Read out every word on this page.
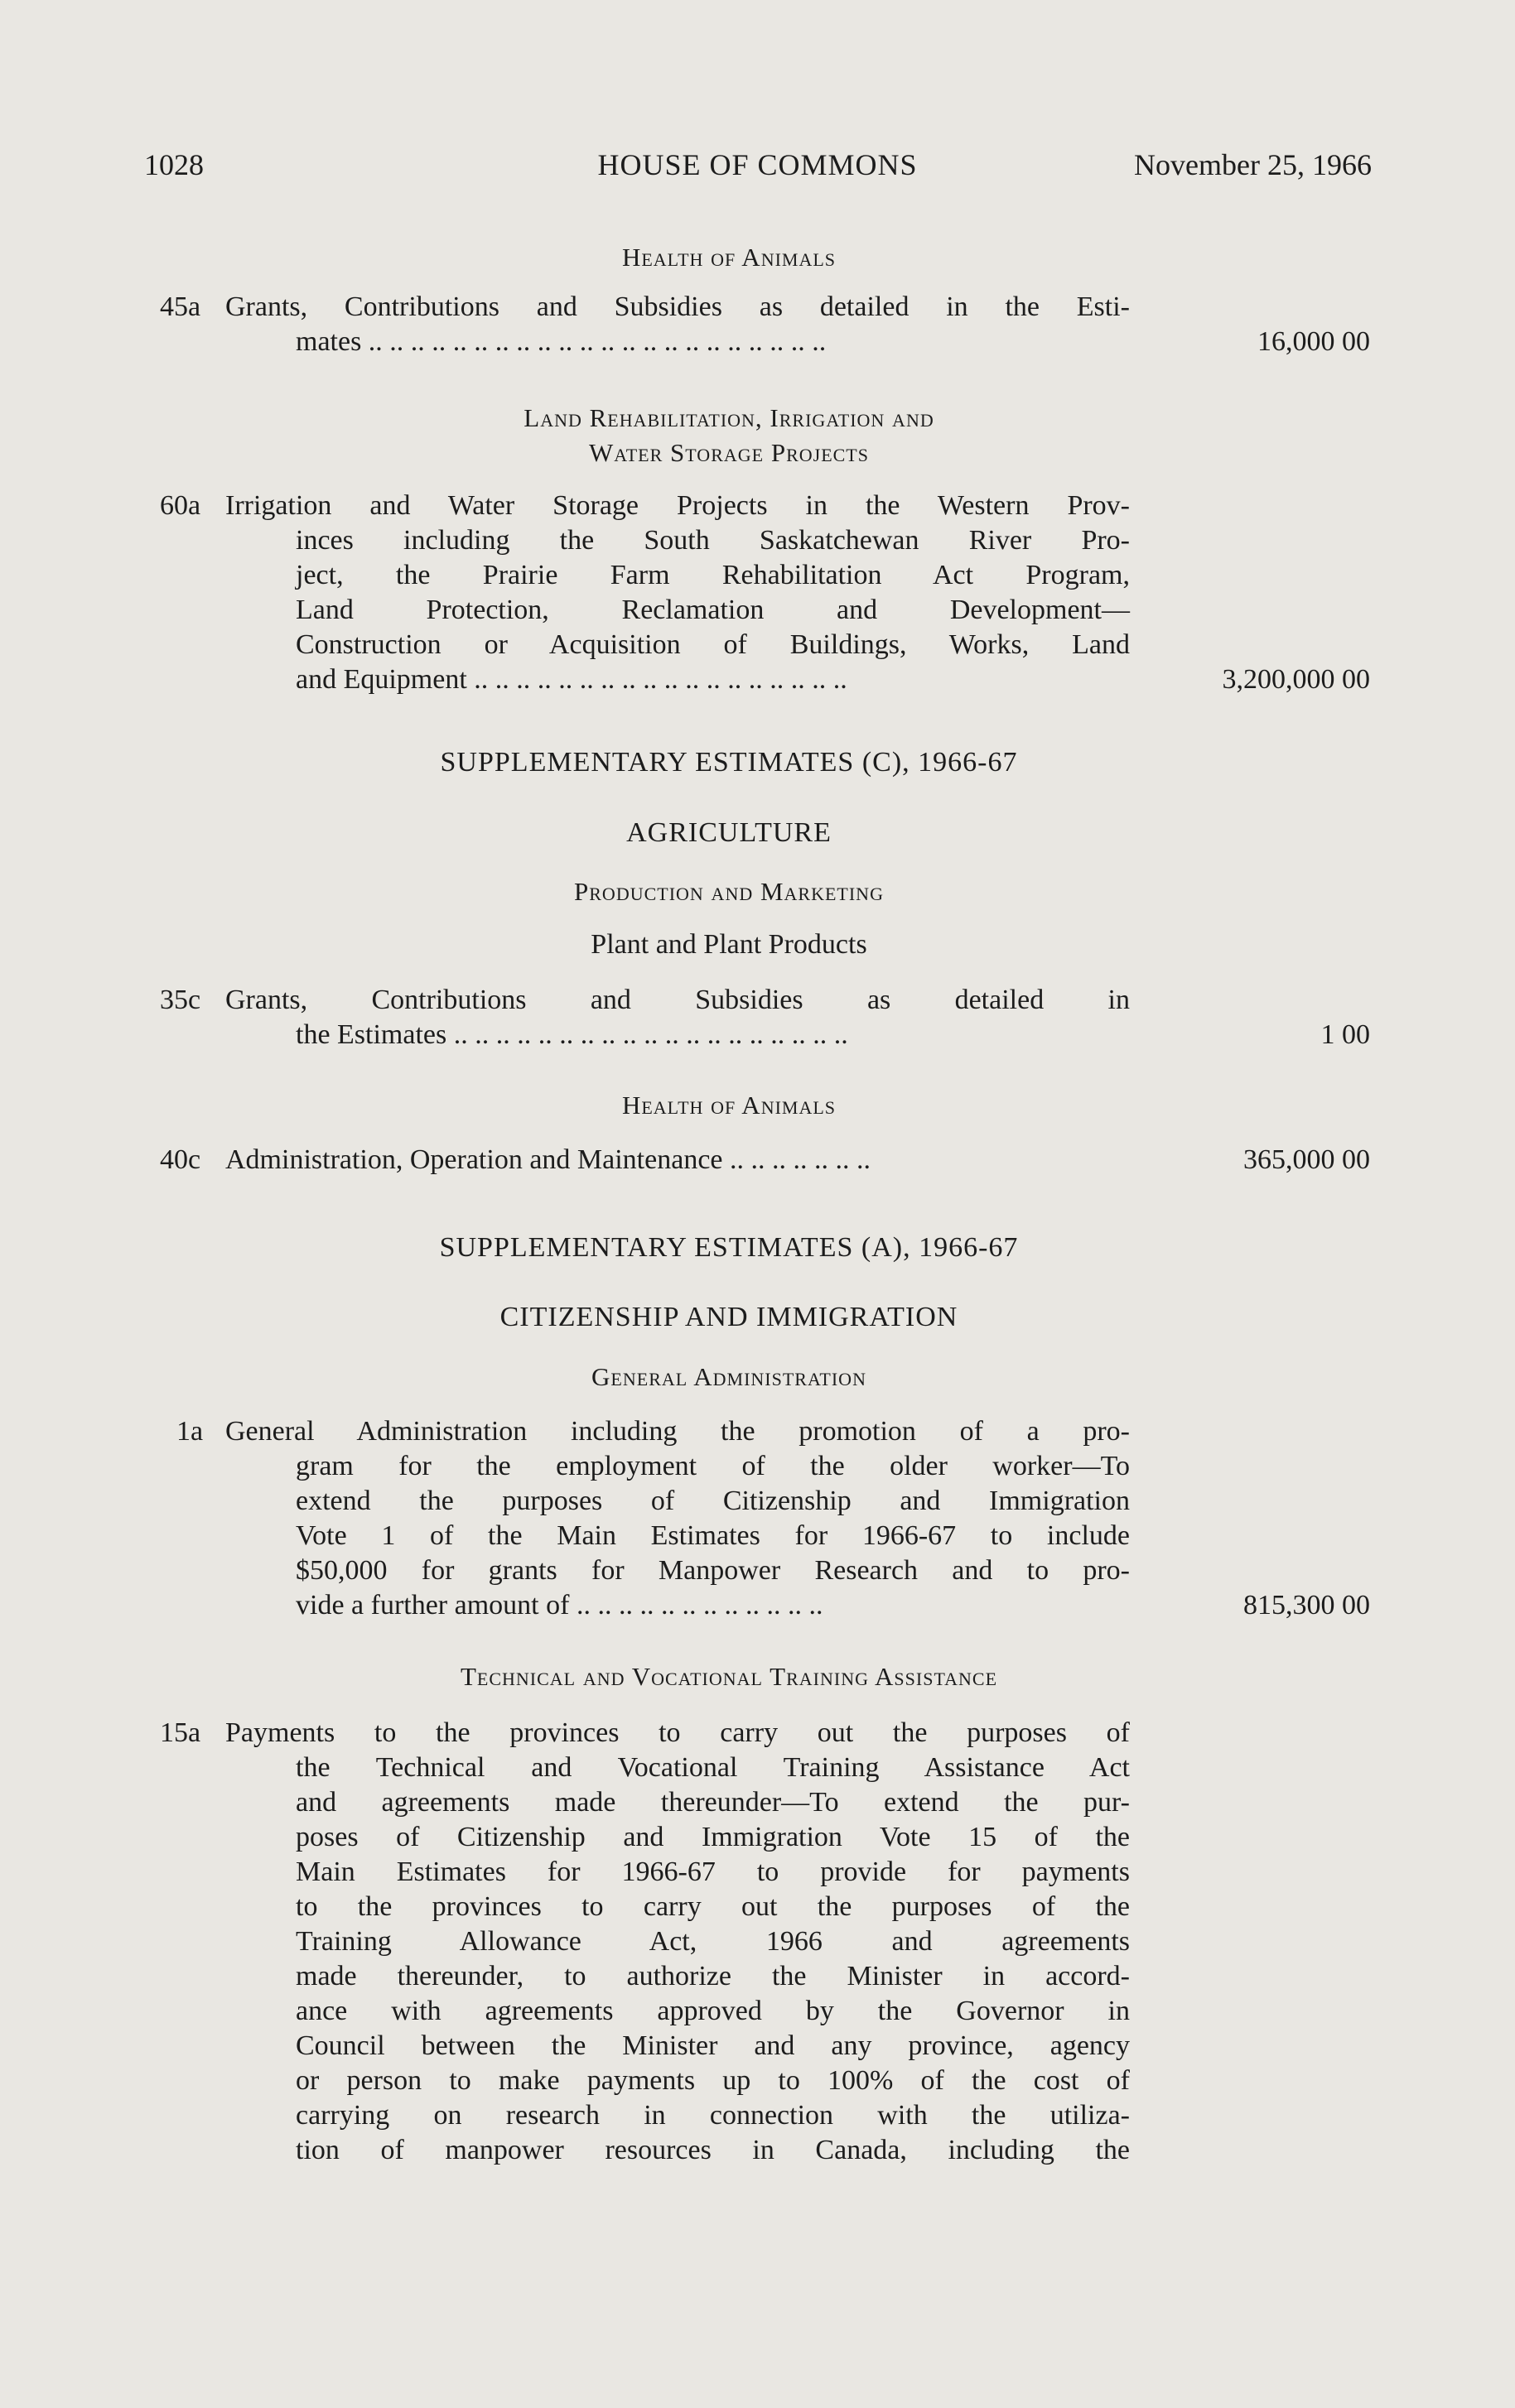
1028	HOUSE OF COMMONS	November 25, 1966
Health of Animals
45a Grants, Contributions and Subsidies as detailed in the Esti-
mates .. .. .. .. .. .. .. .. .. .. .. .. .. .. .. .. .. .. .. .. .. ..	16,000 00
Land Rehabilitation, Irrigation and
Water Storage Projects
60a Irrigation and Water Storage Projects in the Western Prov-
inces including the South Saskatchewan River Pro-
ject, the Prairie Farm Rehabilitation Act Program,
Land Protection, Reclamation and Development—
Construction or Acquisition of Buildings, Works, Land
and Equipment .. .. .. .. .. .. .. .. .. .. .. .. .. .. .. .. .. ..	3,200,000 00
SUPPLEMENTARY ESTIMATES (C), 1966-67
AGRICULTURE
Production and Marketing
Plant and Plant Products
35c Grants, Contributions and Subsidies as detailed in
the Estimates .. .. .. .. .. .. .. .. .. .. .. .. .. .. .. .. .. .. ..	1 00
Health of Animals
40c Administration, Operation and Maintenance .. .. .. .. .. .. ..	365,000 00
SUPPLEMENTARY ESTIMATES (A), 1966-67
CITIZENSHIP AND IMMIGRATION
General Administration
1a General Administration including the promotion of a pro-
gram for the employment of the older worker—To
extend the purposes of Citizenship and Immigration
Vote 1 of the Main Estimates for 1966-67 to include
$50,000 for grants for Manpower Research and to pro-
vide a further amount of .. .. .. .. .. .. .. .. .. .. .. ..	815,300 00
Technical and Vocational Training Assistance
15a Payments to the provinces to carry out the purposes of
the Technical and Vocational Training Assistance Act
and agreements made thereunder—To extend the pur-
poses of Citizenship and Immigration Vote 15 of the
Main Estimates for 1966-67 to provide for payments
to the provinces to carry out the purposes of the
Training Allowance Act, 1966 and agreements
made thereunder, to authorize the Minister in accord-
ance with agreements approved by the Governor in
Council between the Minister and any province, agency
or person to make payments up to 100% of the cost of
carrying on research in connection with the utiliza-
tion of manpower resources in Canada, including the
